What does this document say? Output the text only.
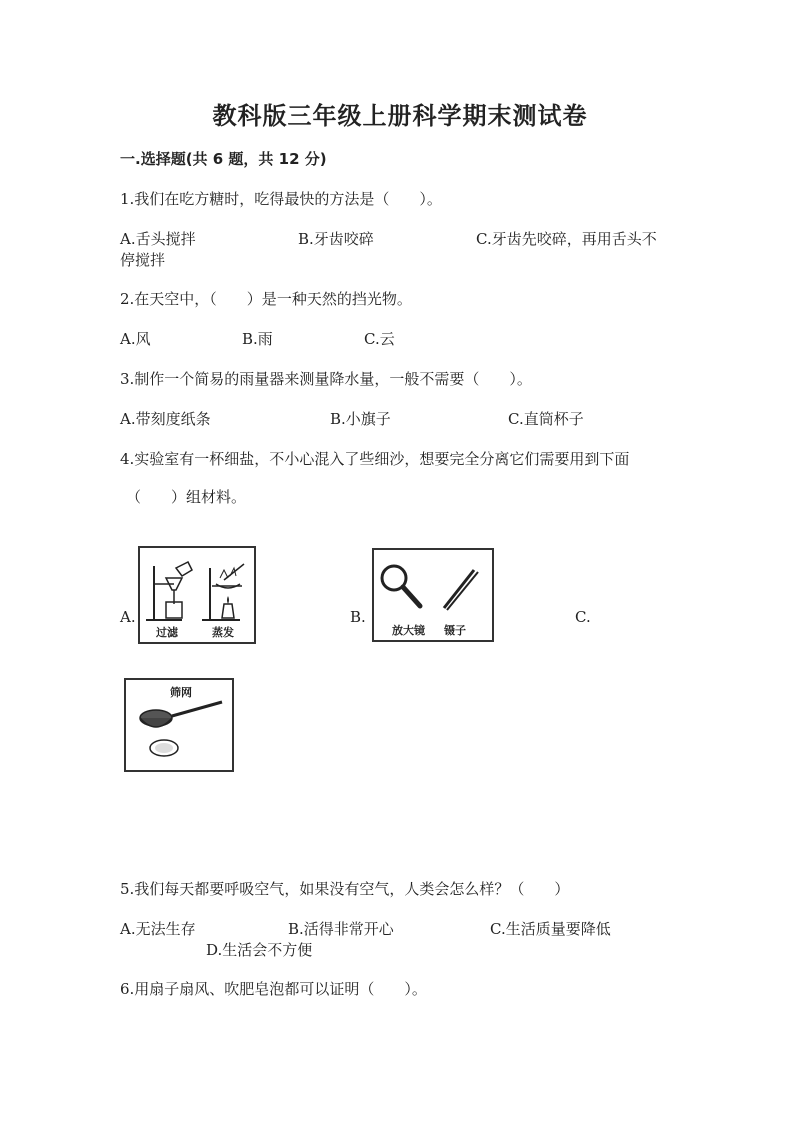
教科版三年级上册科学期末测试卷
一.选择题(共 6 题，共 12 分)
1.我们在吃方糖时，吃得最快的方法是（　　）。
A.舌头搅拌	B.牙齿咬碎	C.牙齿先咬碎，再用舌头不
停搅拌
2.在天空中，（　　）是一种天然的挡光物。
A.风	B.雨	C.云
3.制作一个简易的雨量器来测量降水量，一般不需要（　　）。
A.带刻度纸条	B.小旗子	C.直筒杯子
4.实验室有一杯细盐，不小心混入了些细沙，想要完全分离它们需要用到下面
（　　）组材料。
A.	B.	C.
过滤	蒸发	放大镜 镊子
筛网
5.我们每天都要呼吸空气，如果没有空气，人类会怎么样？（　　）
A.无法生存	B.活得非常开心	C.生活质量要降低
D.生活会不方便
6.用扇子扇风、吹肥皂泡都可以证明（　　）。
